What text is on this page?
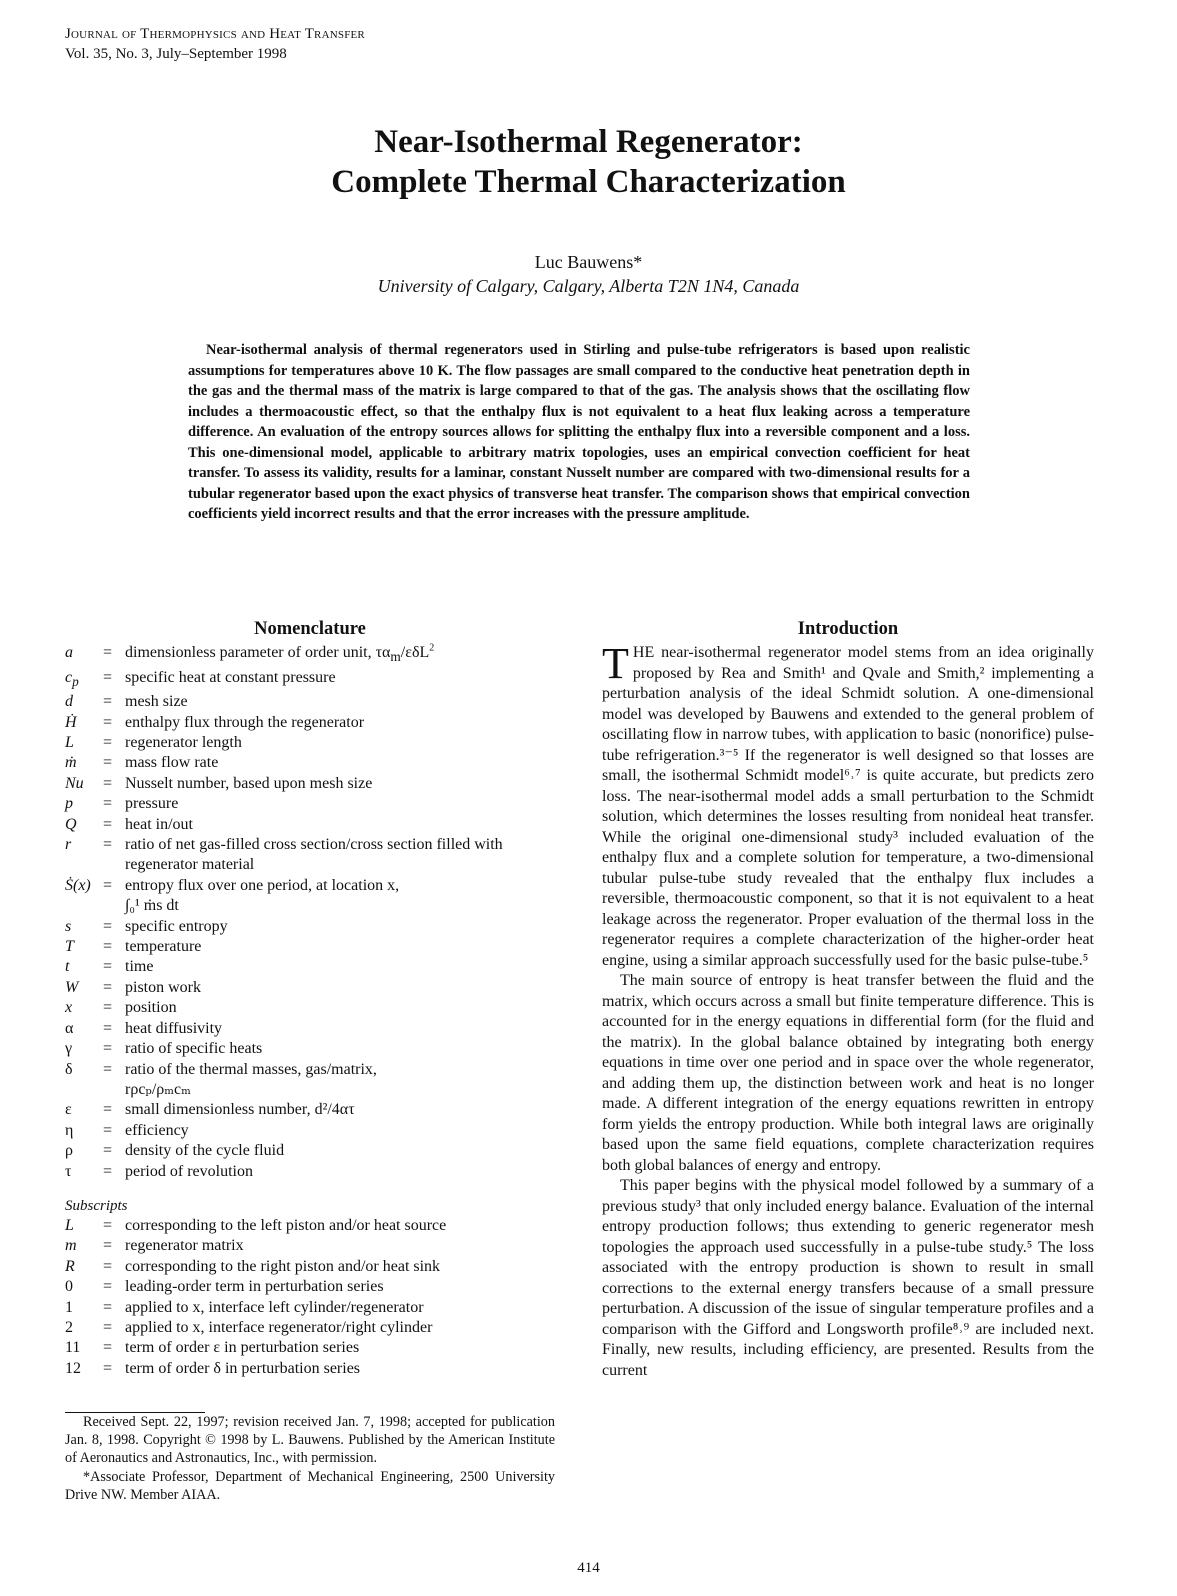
Journal of Thermophysics and Heat Transfer
Vol. 35, No. 3, July–September 1998
Near-Isothermal Regenerator:
Complete Thermal Characterization
Luc Bauwens*
University of Calgary, Calgary, Alberta T2N 1N4, Canada
Near-isothermal analysis of thermal regenerators used in Stirling and pulse-tube refrigerators is based upon realistic assumptions for temperatures above 10 K. The flow passages are small compared to the conductive heat penetration depth in the gas and the thermal mass of the matrix is large compared to that of the gas. The analysis shows that the oscillating flow includes a thermoacoustic effect, so that the enthalpy flux is not equivalent to a heat flux leaking across a temperature difference. An evaluation of the entropy sources allows for splitting the enthalpy flux into a reversible component and a loss. This one-dimensional model, applicable to arbitrary matrix topologies, uses an empirical convection coefficient for heat transfer. To assess its validity, results for a laminar, constant Nusselt number are compared with two-dimensional results for a tubular regenerator based upon the exact physics of transverse heat transfer. The comparison shows that empirical convection coefficients yield incorrect results and that the error increases with the pressure amplitude.
Nomenclature
a	= dimensionless parameter of order unit, $\tau\alpha_m/\varepsilon\delta L^2$
$c_p$	= specific heat at constant pressure
d	= mesh size
Ḣ	= enthalpy flux through the regenerator
L	= regenerator length
ṁ	= mass flow rate
Nu	= Nusselt number, based upon mesh size
p	= pressure
Q	= heat in/out
r	= ratio of net gas-filled cross section/cross section filled with regenerator material
Ṡ(x) = entropy flux over one period, at location x,
∫₀¹ ṁs dt
s	= specific entropy
T	= temperature
t	= time
W	= piston work
x	= position
α	= heat diffusivity
γ	= ratio of specific heats
δ	= ratio of the thermal masses, gas/matrix,
rρcₚ/ρₘcₘ
ε	= small dimensionless number, d²/4ατ
η	= efficiency
ρ	= density of the cycle fluid
τ	= period of revolution
Subscripts
L	= corresponding to the left piston and/or heat source
m	= regenerator matrix
R	= corresponding to the right piston and/or heat sink
0	= leading-order term in perturbation series
1	= applied to x, interface left cylinder/regenerator
2	= applied to x, interface regenerator/right cylinder
11	= term of order ε in perturbation series
12	= term of order δ in perturbation series
Introduction

THE near-isothermal regenerator model stems from an idea originally proposed by Rea and Smith¹ and Qvale and Smith,² implementing a perturbation analysis of the ideal Schmidt solution. A one-dimensional model was developed by Bauwens and extended to the general problem of oscillating flow in narrow tubes, with application to basic (nonorifice) pulse-tube refrigeration.³⁻⁵ If the regenerator is well designed so that losses are small, the isothermal Schmidt model⁶˒⁷ is quite accurate, but predicts zero loss. The near-isothermal model adds a small perturbation to the Schmidt solution, which determines the losses resulting from nonideal heat transfer. While the original one-dimensional study³ included evaluation of the enthalpy flux and a complete solution for temperature, a two-dimensional tubular pulse-tube study revealed that the enthalpy flux includes a reversible, thermoacoustic component, so that it is not equivalent to a heat leakage across the regenerator. Proper evaluation of the thermal loss in the regenerator requires a complete characterization of the higher-order heat engine, using a similar approach successfully used for the basic pulse-tube.⁵

The main source of entropy is heat transfer between the fluid and the matrix, which occurs across a small but finite temperature difference. This is accounted for in the energy equations in differential form (for the fluid and the matrix). In the global balance obtained by integrating both energy equations in time over one period and in space over the whole regenerator, and adding them up, the distinction between work and heat is no longer made. A different integration of the energy equations rewritten in entropy form yields the entropy production. While both integral laws are originally based upon the same field equations, complete characterization requires both global balances of energy and entropy.

This paper begins with the physical model followed by a summary of a previous study³ that only included energy balance. Evaluation of the internal entropy production follows; thus extending to generic regenerator mesh topologies the approach used successfully in a pulse-tube study.⁵ The loss associated with the entropy production is shown to result in small corrections to the external energy transfers because of a small pressure perturbation. A discussion of the issue of singular temperature profiles and a comparison with the Gifford and Longsworth profile⁸˒⁹ are included next. Finally, new results, including efficiency, are presented. Results from the current

Received Sept. 22, 1997; revision received Jan. 7, 1998; accepted for publication Jan. 8, 1998. Copyright © 1998 by L. Bauwens. Published by the American Institute of Aeronautics and Astronautics, Inc., with permission.

*Associate Professor, Department of Mechanical Engineering, 2500 University Drive NW. Member AIAA.

414
